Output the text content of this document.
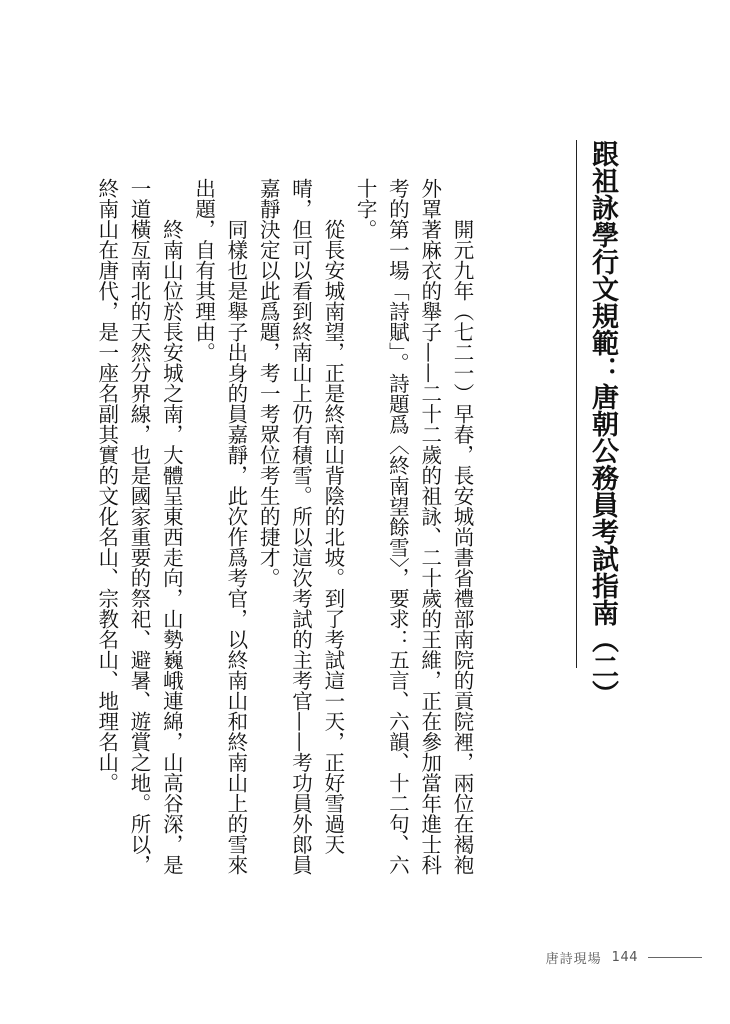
跟祖詠學行文規範：唐朝公務員考試指南（二）

開元九年（七二一）早春，長安城尚書省禮部南院的貢院裡，兩位在褐袍外罩著麻衣的舉子——二十二歲的祖詠、二十歲的王維，正在參加當年進士科考的第一場「詩賦」。詩題爲〈終南望餘雪〉，要求：五言、六韻、十二句、六十字。

從長安城南望，正是終南山背陰的北坡。到了考試這一天，正好雪過天晴，但可以看到終南山上仍有積雪。所以這次考試的主考官——考功員外郎員嘉靜決定以此爲題，考一考眾位考生的捷才。

同樣也是舉子出身的員嘉靜，此次作爲考官，以終南山和終南山上的雪來出題，自有其理由。

終南山位於長安城之南，大體呈東西走向，山勢巍峨連綿，山高谷深，是一道橫亙南北的天然分界線，也是國家重要的祭祀、避暑、遊賞之地。所以，終南山在唐代，是一座名副其實的文化名山、宗教名山、地理名山。

唐詩現場 144
